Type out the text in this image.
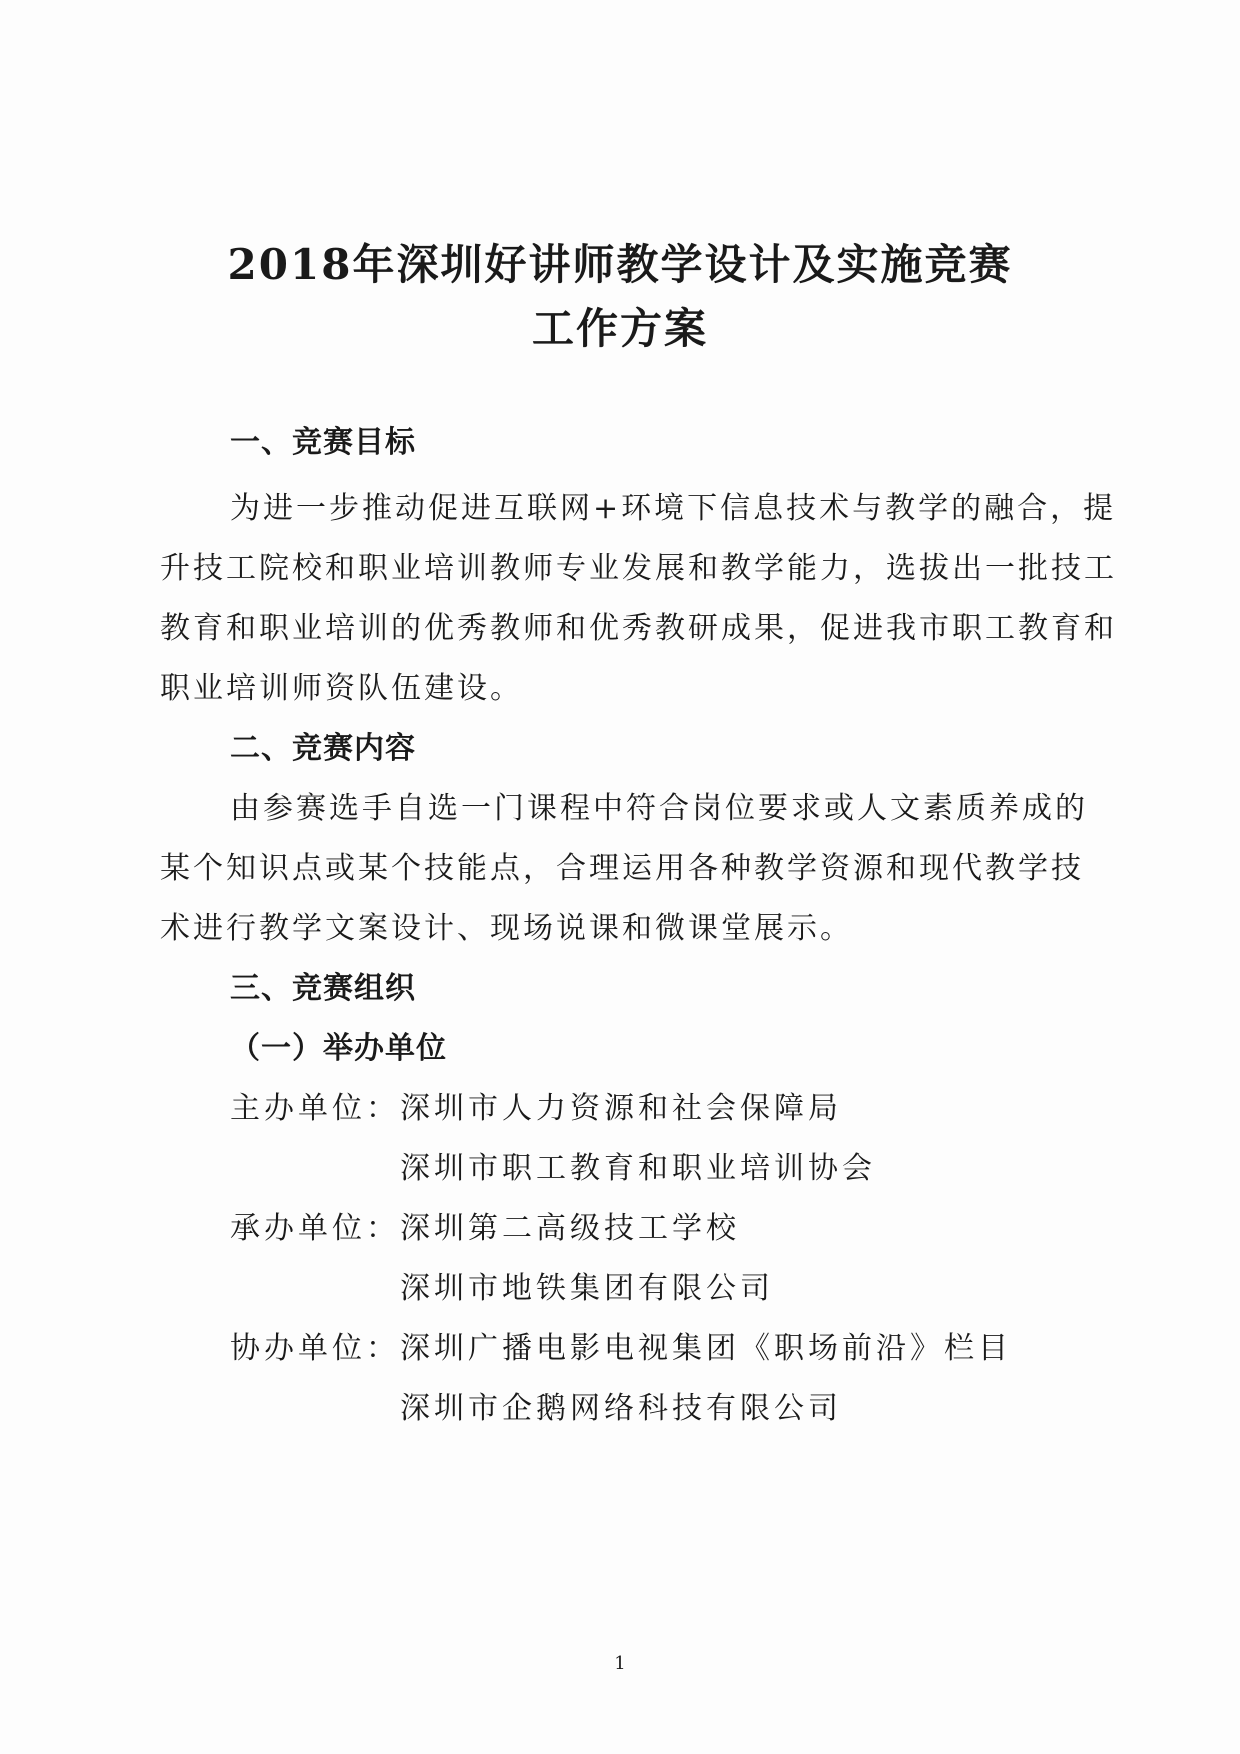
2018年深圳好讲师教学设计及实施竞赛
工作方案
一、竞赛目标
为进一步推动促进互联网+环境下信息技术与教学的融合，提
升技工院校和职业培训教师专业发展和教学能力，选拔出一批技工
教育和职业培训的优秀教师和优秀教研成果，促进我市职工教育和
职业培训师资队伍建设。
二、竞赛内容
由参赛选手自选一门课程中符合岗位要求或人文素质养成的
某个知识点或某个技能点，合理运用各种教学资源和现代教学技
术进行教学文案设计、现场说课和微课堂展示。
三、竞赛组织
（一）举办单位
主办单位： 深圳市人力资源和社会保障局
深圳市职工教育和职业培训协会
承办单位： 深圳第二高级技工学校
深圳市地铁集团有限公司
协办单位： 深圳广播电影电视集团《职场前沿》栏目
深圳市企鹅网络科技有限公司
1
